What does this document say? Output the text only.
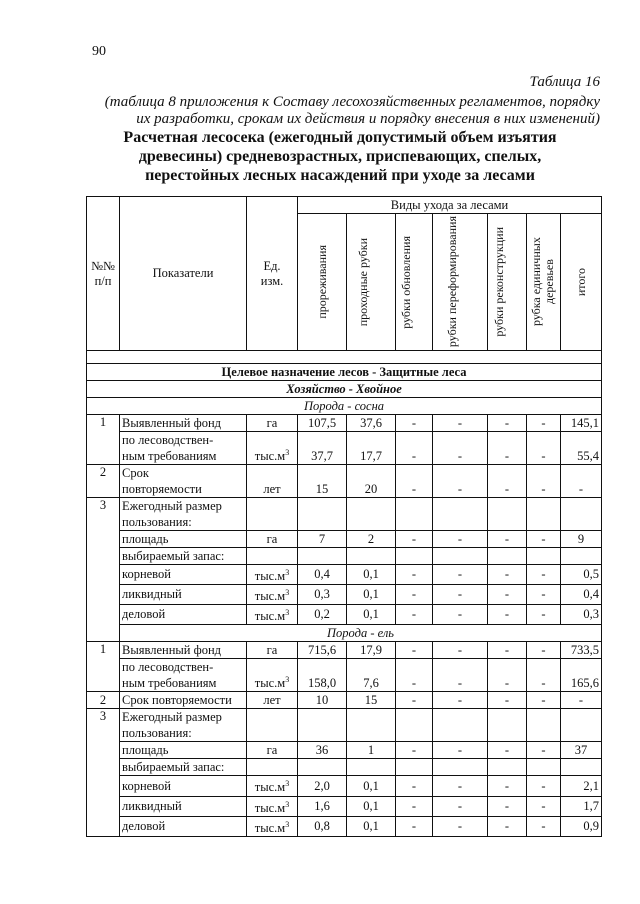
90
Таблица 16
(таблица 8 приложения к Составу лесохозяйственных регламентов, порядку
их разработки, срокам их действия и порядку внесения в них изменений)
Расчетная лесосека (ежегодный допустимый объем изъятия
древесины) средневозрастных, приспевающих, спелых,
перестойных лесных насаждений при уходе за лесами
№№
п/п	Показатели	Ед.
изм.	Виды ухода за лесами						

			прореживания	проходные рубки	рубки обновления	рубки переформирования	рубки реконструкции	рубка единичных деревьев	итого

Целевое назначение лесов - Защитные леса									
Хозяйство - Хвойное									
Порода - сосна									
1	Выявленный фонд	га	107,5	37,6	-	-	-	-	145,1
	по лесоводствен-	$тыс.м^3$	37,7	17,7	-	-	-	-	55,4
	ным требованиям								
2	Срок	лет	15	20	-	-	-	-	-
	повторяемости								
3	Ежегодный размер								
	пользования:								
	площадь	га	7	2	-	-	-	-	9
	выбираемый запас:								
	корневой	$тыс.м^3$	0,4	0,1	-	-	-	-	0,5
	ликвидный	$тыс.м^3$	0,3	0,1	-	-	-	-	0,4
	деловой	$тыс.м^3$	0,2	0,1	-	-	-	-	0,3
	Порода - ель								
1	Выявленный фонд	га	715,6	17,9	-	-	-	-	733,5
	по лесоводствен-	$тыс.м^3$	158,0	7,6	-	-	-	-	165,6
	ным требованиям								
2	Срок повторяемости	лет	10	15	-	-	-	-	-
3	Ежегодный размер								
	пользования:								
	площадь	га	36	1	-	-	-	-	37
	выбираемый запас:								
	корневой	$тыс.м^3$	2,0	0,1	-	-	-	-	2,1
	ликвидный	$тыс.м^3$	1,6	0,1	-	-	-	-	1,7
	деловой	$тыс.м^3$	0,8	0,1	-	-	-	-	0,9
